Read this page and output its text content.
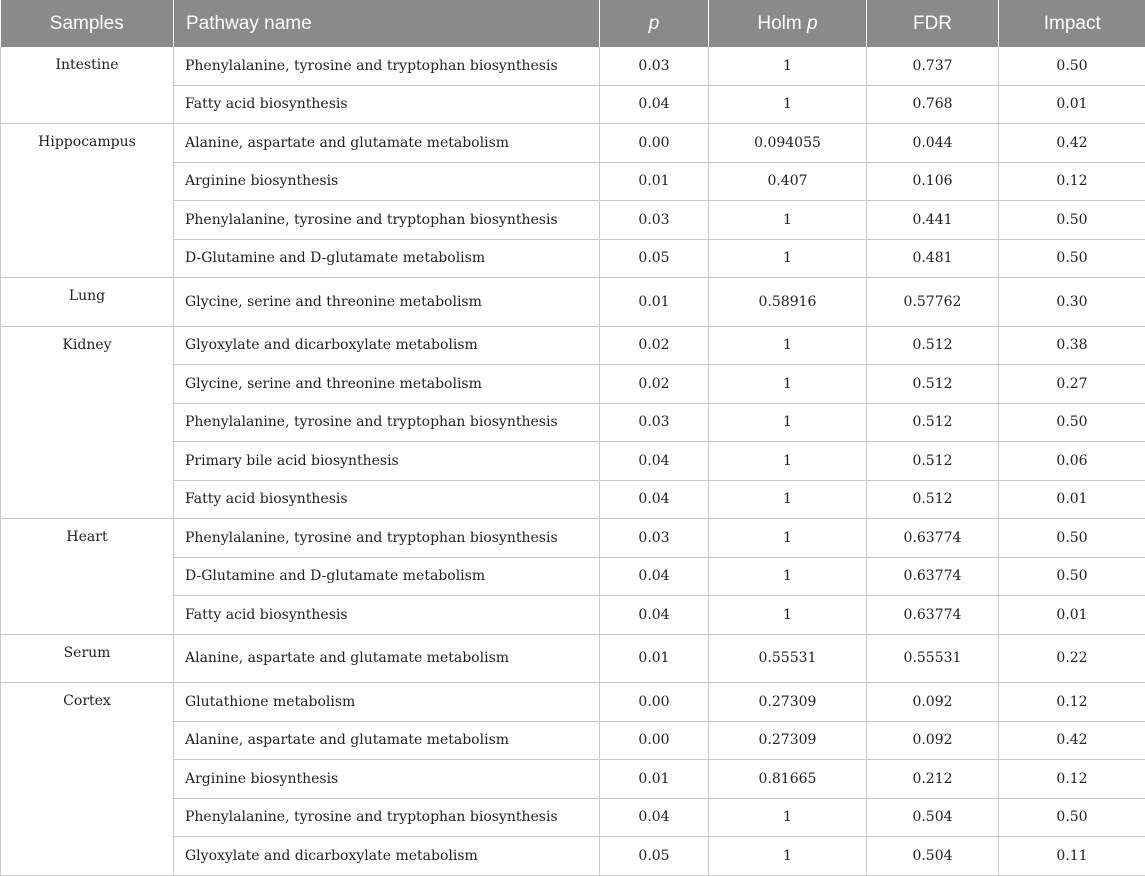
Samples	Pathway name	p	Holm p	FDR	Impact
Intestine	Phenylalanine, tyrosine and tryptophan biosynthesis	0.03	1	0.737	0.50
	Fatty acid biosynthesis	0.04	1	0.768	0.01
Hippocampus	Alanine, aspartate and glutamate metabolism	0.00	0.094055	0.044	0.42
	Arginine biosynthesis	0.01	0.407	0.106	0.12
	Phenylalanine, tyrosine and tryptophan biosynthesis	0.03	1	0.441	0.50
	D-Glutamine and D-glutamate metabolism	0.05	1	0.481	0.50
Lung	Glycine, serine and threonine metabolism	0.01	0.58916	0.57762	0.30
Kidney	Glyoxylate and dicarboxylate metabolism	0.02	1	0.512	0.38
	Glycine, serine and threonine metabolism	0.02	1	0.512	0.27
	Phenylalanine, tyrosine and tryptophan biosynthesis	0.03	1	0.512	0.50
	Primary bile acid biosynthesis	0.04	1	0.512	0.06
	Fatty acid biosynthesis	0.04	1	0.512	0.01
Heart	Phenylalanine, tyrosine and tryptophan biosynthesis	0.03	1	0.63774	0.50
	D-Glutamine and D-glutamate metabolism	0.04	1	0.63774	0.50
	Fatty acid biosynthesis	0.04	1	0.63774	0.01
Serum	Alanine, aspartate and glutamate metabolism	0.01	0.55531	0.55531	0.22
Cortex	Glutathione metabolism	0.00	0.27309	0.092	0.12
	Alanine, aspartate and glutamate metabolism	0.00	0.27309	0.092	0.42
	Arginine biosynthesis	0.01	0.81665	0.212	0.12
	Phenylalanine, tyrosine and tryptophan biosynthesis	0.04	1	0.504	0.50
	Glyoxylate and dicarboxylate metabolism	0.05	1	0.504	0.11
